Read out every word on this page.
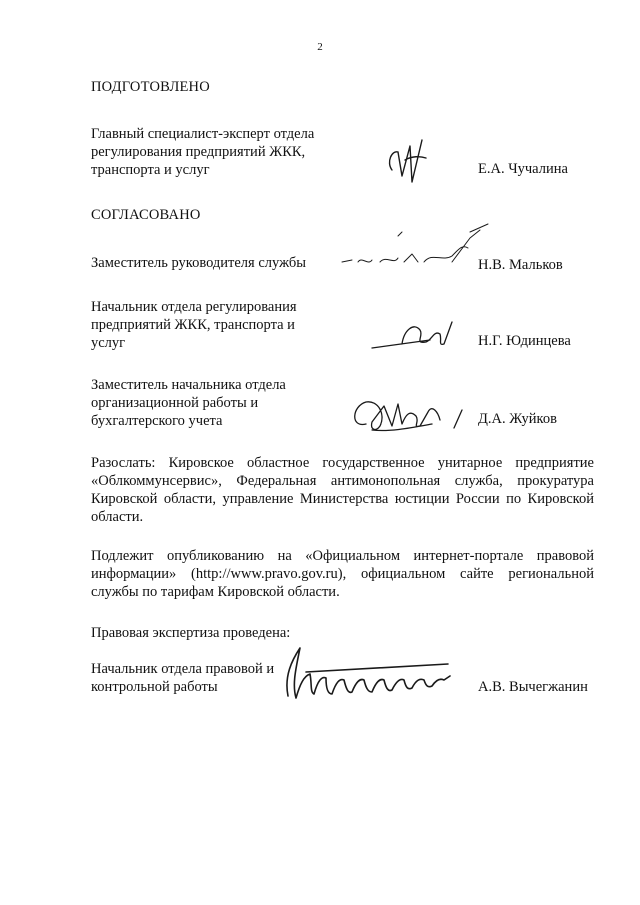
2
ПОДГОТОВЛЕНО
Главный специалист-эксперт отдела регулирования предприятий ЖКК, транспорта и услуг	Е.А. Чучалина
СОГЛАСОВАНО
Заместитель руководителя службы	Н.В. Мальков
Начальник отдела регулирования предприятий ЖКК, транспорта и услуг	Н.Г. Юдинцева
Заместитель начальника отдела организационной работы и бухгалтерского учета	Д.А. Жуйков
Разослать: Кировское областное государственное унитарное предприятие «Облкоммунсервис», Федеральная антимонопольная служба, прокуратура Кировской области, управление Министерства юстиции России по Кировской области.
Подлежит опубликованию на «Официальном интернет-портале правовой информации» (http://www.pravo.gov.ru), официальном сайте региональной службы по тарифам Кировской области.
Правовая экспертиза проведена:
Начальник отдела правовой и контрольной работы	А.В. Вычегжанин
